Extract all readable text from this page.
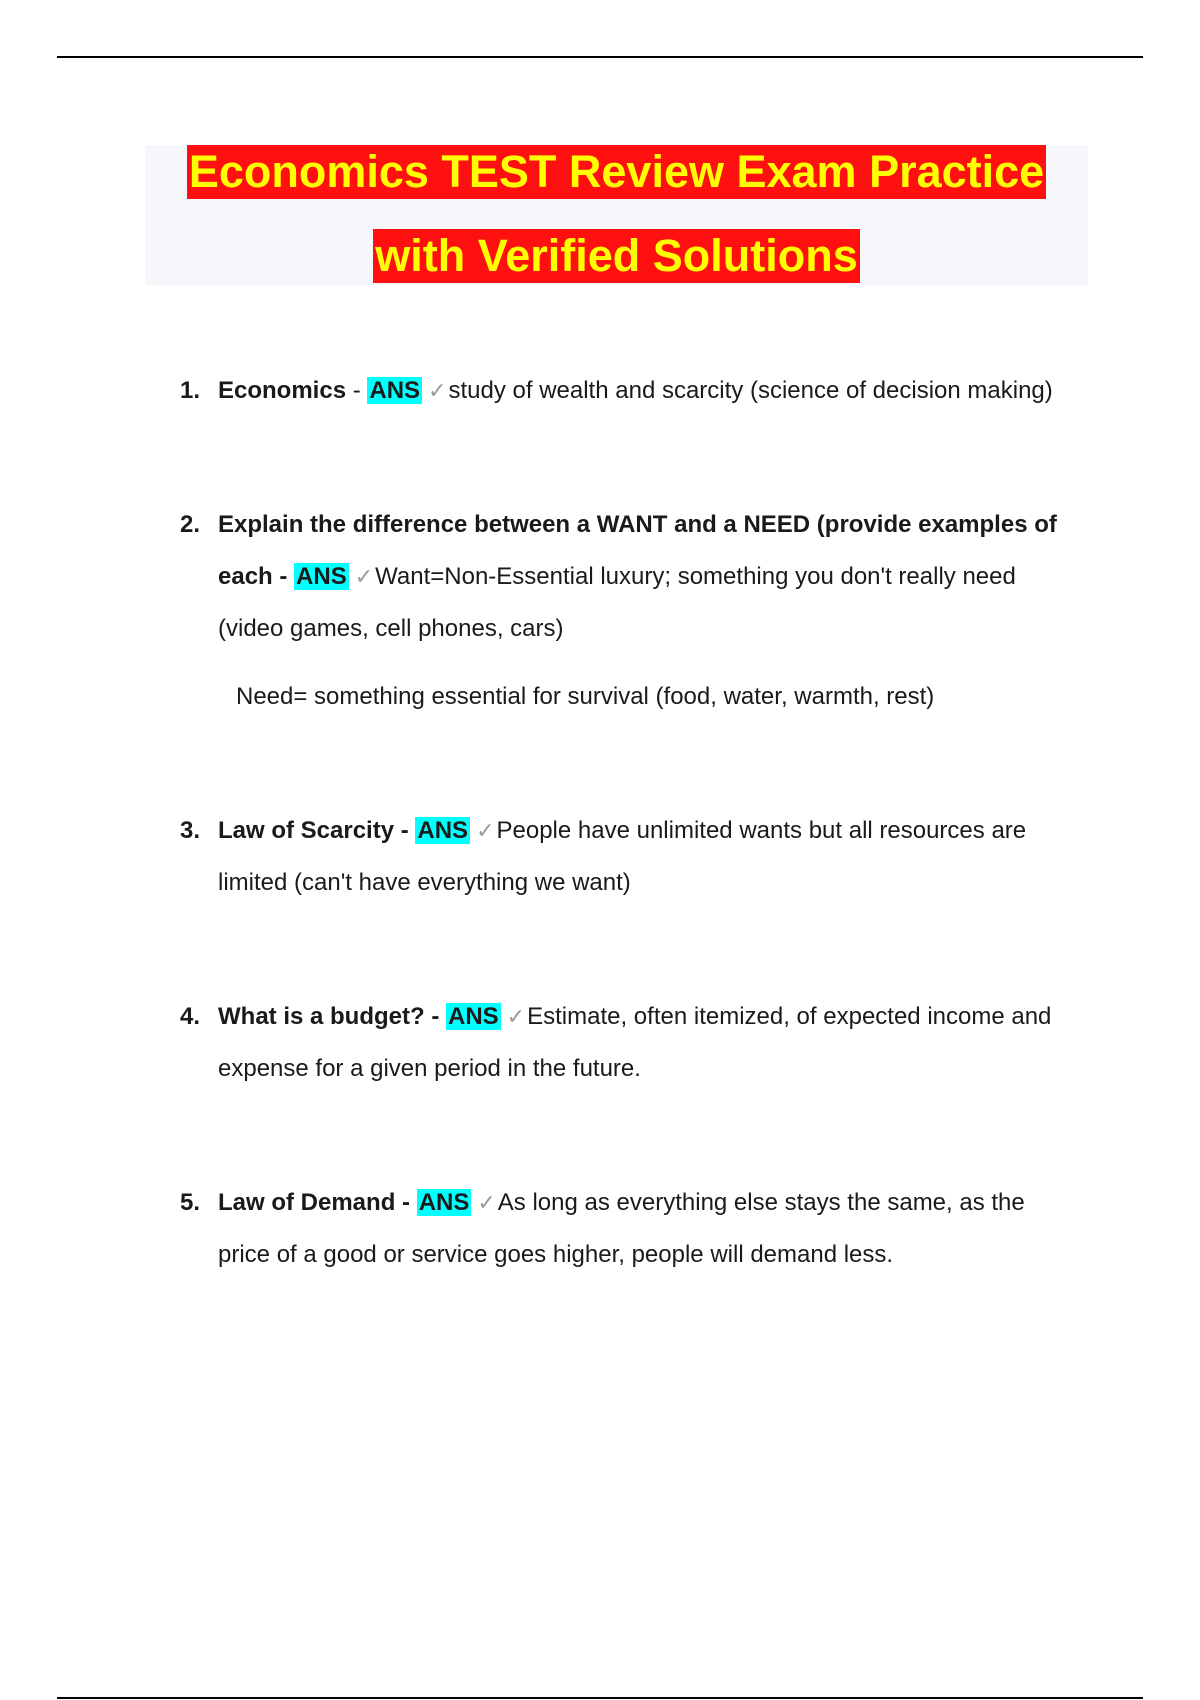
Economics TEST Review Exam Practice
with Verified Solutions
1. Economics - ANS ✓study of wealth and scarcity (science of decision making)
2. Explain the difference between a WANT and a NEED (provide examples of each - ANS ✓Want=Non-Essential luxury; something you don't really need (video games, cell phones, cars)
Need= something essential for survival (food, water, warmth, rest)
3. Law of Scarcity - ANS ✓People have unlimited wants but all resources are limited (can't have everything we want)
4. What is a budget? - ANS ✓Estimate, often itemized, of expected income and expense for a given period in the future.
5. Law of Demand - ANS ✓As long as everything else stays the same, as the price of a good or service goes higher, people will demand less.
